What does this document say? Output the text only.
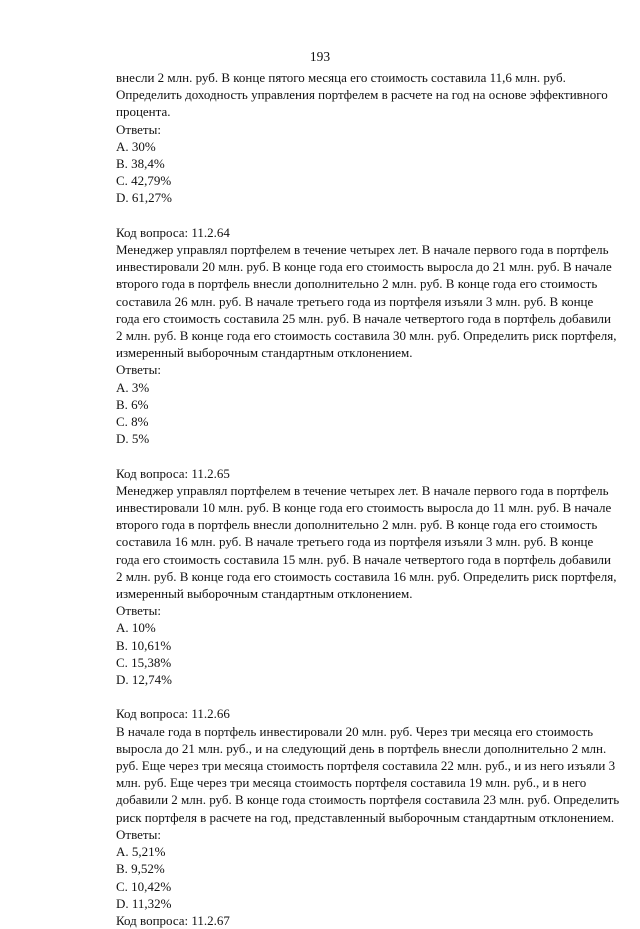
193

внесли 2 млн. руб. В конце пятого месяца его стоимость составила 11,6 млн. руб.
Определить доходность управления портфелем в расчете на год на основе эффективного
процента.

Ответы:

A. 30%

B. 38,4%

C. 42,79%

D. 61,27%

Код вопроса: 11.2.64

Менеджер управлял портфелем в течение четырех лет. В начале первого года в портфель
инвестировали 20 млн. руб. В конце года его стоимость выросла до 21 млн. руб. В начале
второго года в портфель внесли дополнительно 2 млн. руб. В конце года его стоимость
составила 26 млн. руб. В начале третьего года из портфеля изъяли 3 млн. руб. В конце
года его стоимость составила 25 млн. руб. В начале четвертого года в портфель добавили
2 млн. руб. В конце года его стоимость составила 30 млн. руб. Определить риск портфеля,
измеренный выборочным стандартным отклонением.

Ответы:

A. 3%

B. 6%

C. 8%

D. 5%

Код вопроса: 11.2.65

Менеджер управлял портфелем в течение четырех лет. В начале первого года в портфель
инвестировали 10 млн. руб. В конце года его стоимость выросла до 11 млн. руб. В начале
второго года в портфель внесли дополнительно 2 млн. руб. В конце года его стоимость
составила 16 млн. руб. В начале третьего года из портфеля изъяли 3 млн. руб. В конце
года его стоимость составила 15 млн. руб. В начале четвертого года в портфель добавили
2 млн. руб. В конце года его стоимость составила 16 млн. руб. Определить риск портфеля,
измеренный выборочным стандартным отклонением.

Ответы:

A. 10%

B. 10,61%

C. 15,38%

D. 12,74%

Код вопроса: 11.2.66

В начале года в портфель инвестировали 20 млн. руб. Через три месяца его стоимость
выросла до 21 млн. руб., и на следующий день в портфель внесли дополнительно 2 млн.
руб. Еще через три месяца стоимость портфеля составила 22 млн. руб., и из него изъяли 3
млн. руб. Еще через три месяца стоимость портфеля составила 19 млн. руб., и в него
добавили 2 млн. руб. В конце года стоимость портфеля составила 23 млн. руб. Определить
риск портфеля в расчете на год, представленный выборочным стандартным отклонением.

Ответы:

A. 5,21%

B. 9,52%

C. 10,42%

D. 11,32%

Код вопроса: 11.2.67
